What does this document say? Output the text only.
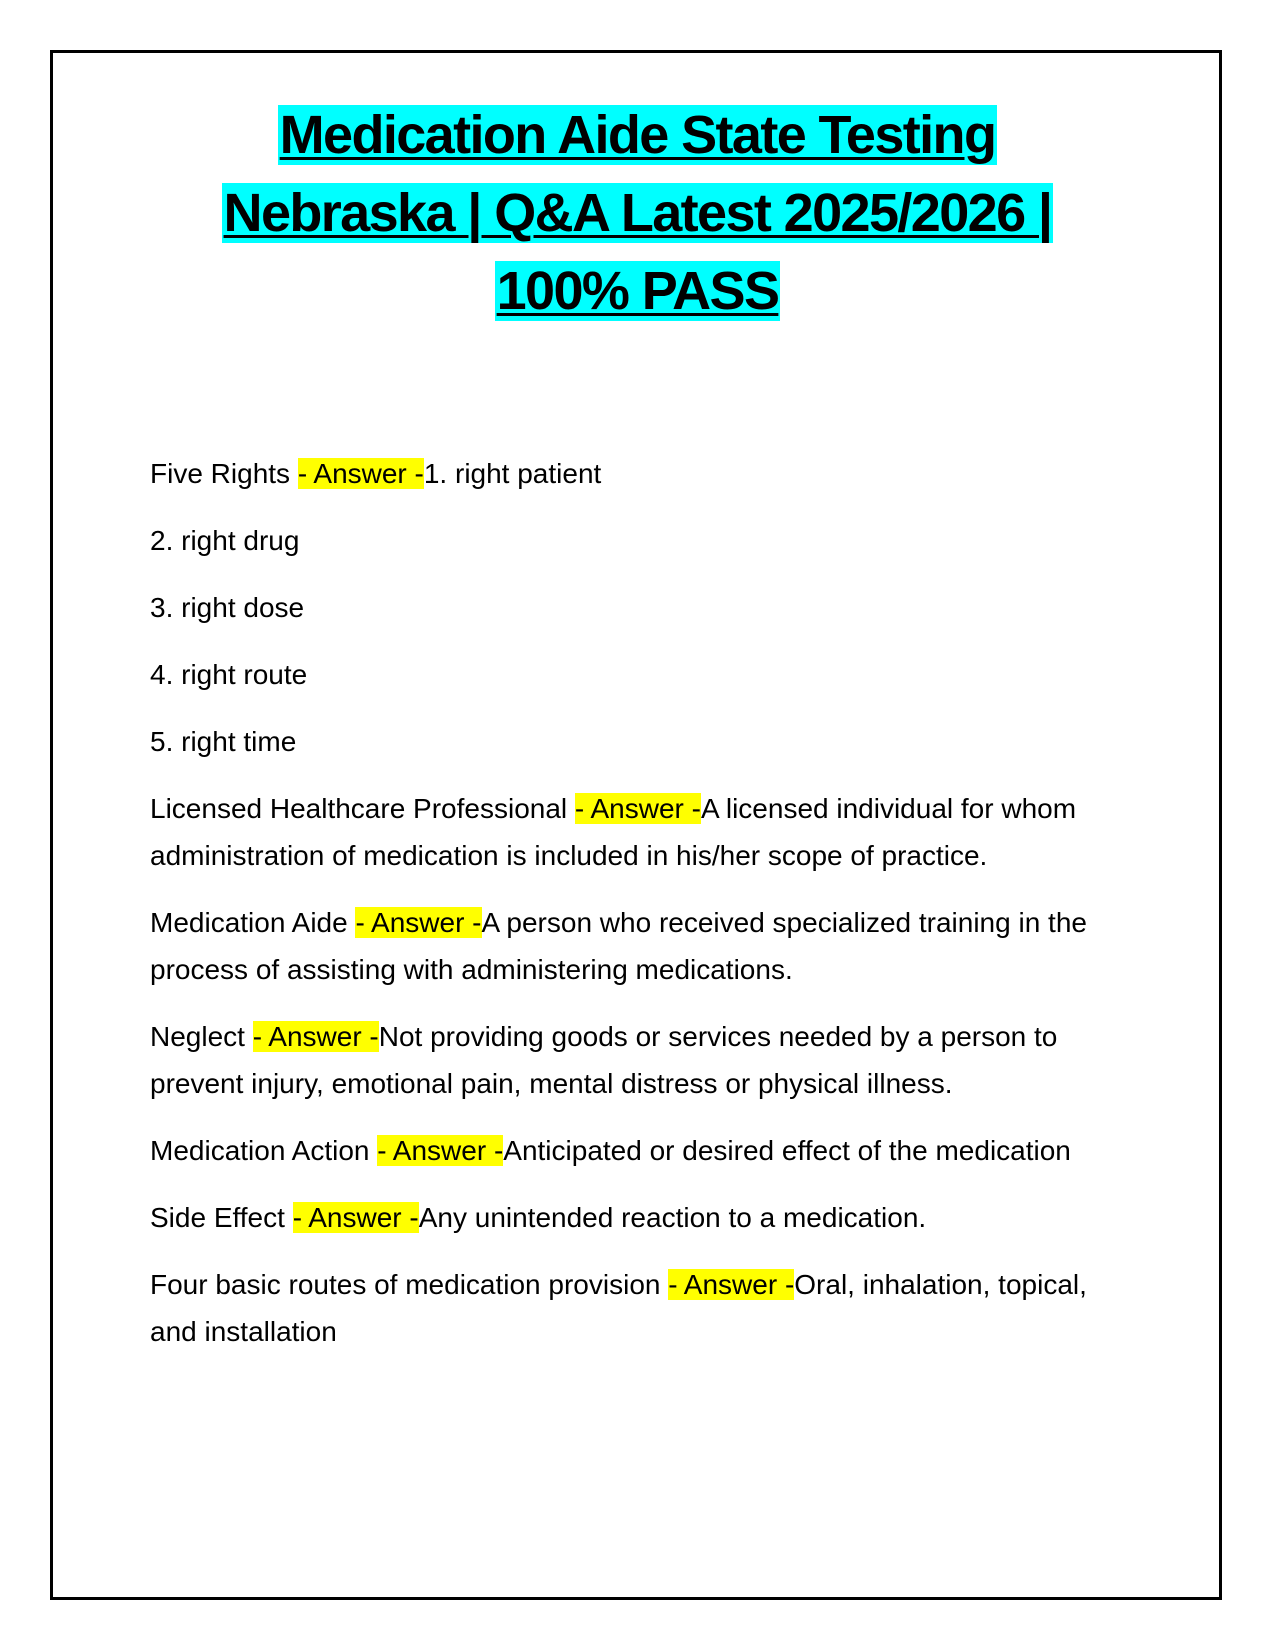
Medication Aide State Testing
Nebraska | Q&A Latest 2025/2026 |
100% PASS

Five Rights - Answer -1. right patient

2. right drug

3. right dose

4. right route

5. right time

Licensed Healthcare Professional - Answer -A licensed individual for whom administration of medication is included in his/her scope of practice.

Medication Aide - Answer -A person who received specialized training in the process of assisting with administering medications.

Neglect - Answer -Not providing goods or services needed by a person to prevent injury, emotional pain, mental distress or physical illness.

Medication Action - Answer -Anticipated or desired effect of the medication

Side Effect - Answer -Any unintended reaction to a medication.

Four basic routes of medication provision - Answer -Oral, inhalation, topical, and installation
